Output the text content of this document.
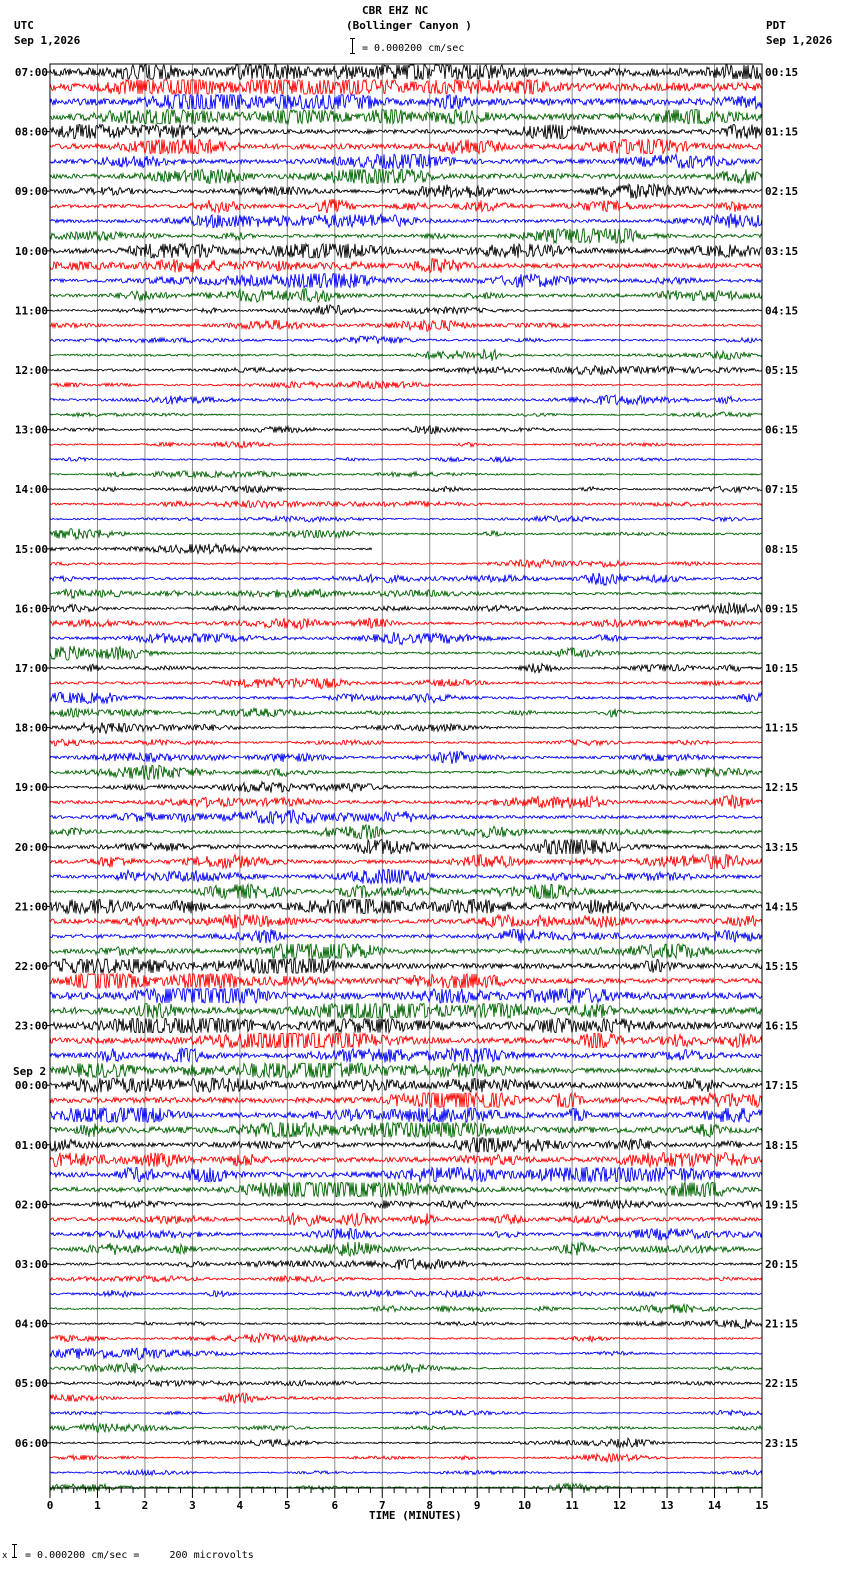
0	1	2	3	4	5	6	7	8	9	10	11	12	13	14	15
07:00
08:00
09:00
10:00
11:00
12:00
13:00
14:00
15:00
16:00
17:00
18:00
19:00
20:00
21:00
22:00
23:00
00:00
01:00
02:00
03:00
04:00
05:00
06:00
00:15
01:15
02:15
03:15
04:15
05:15
06:15
07:15
08:15
09:15
10:15
11:15
12:15
13:15
14:15
15:15
16:15
17:15
18:15
19:15
20:15
21:15
22:15
23:15
Sep 2
CBR EHZ NC
(Bollinger Canyon )
= 0.000200 cm/sec
UTC
Sep 1,2026
PDT
Sep 1,2026
TIME (MINUTES)
x = 0.000200 cm/sec =     200 microvolts
